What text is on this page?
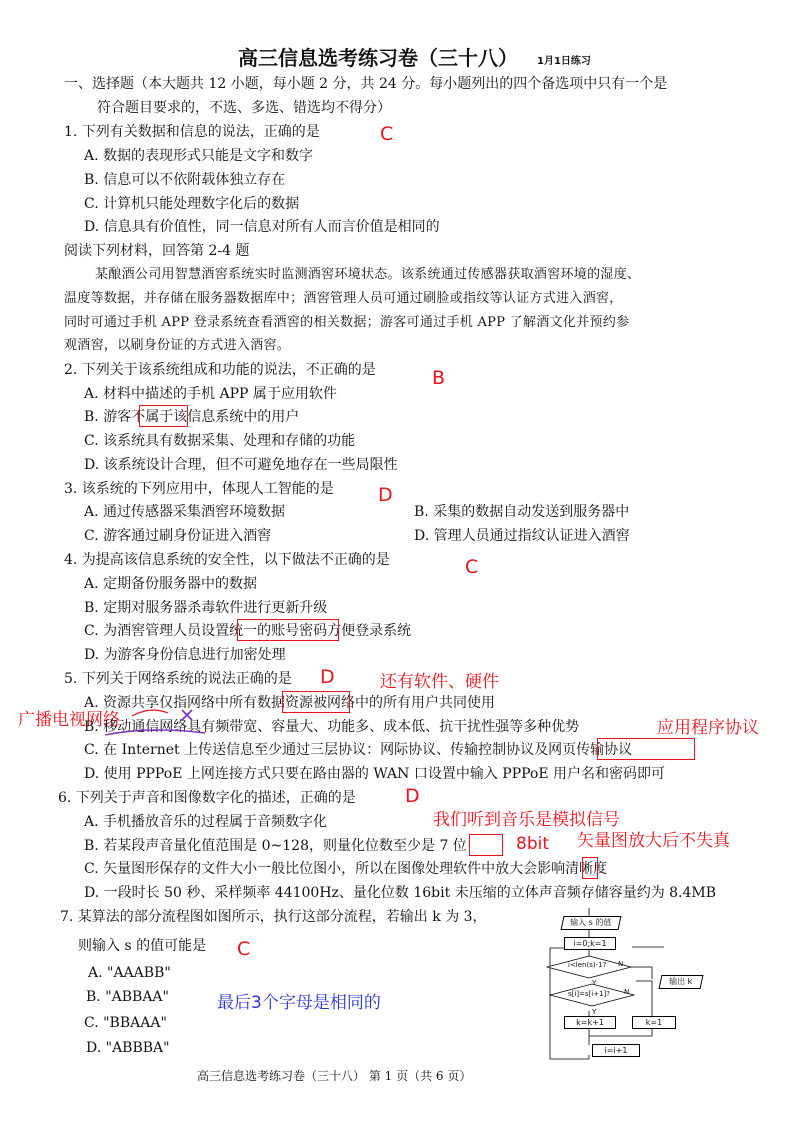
高三信息选考练习卷（三十八） 1月1日练习
一、选择题（本大题共 12 小题，每小题 2 分，共 24 分。每小题列出的四个备选项中只有一个是
符合题目要求的，不选、多选、错选均不得分）
1. 下列有关数据和信息的说法，正确的是	C
A. 数据的表现形式只能是文字和数字
B. 信息可以不依附载体独立存在
C. 计算机只能处理数字化后的数据
D. 信息具有价值性，同一信息对所有人而言价值是相同的
阅读下列材料，回答第 2-4 题
某酿酒公司用智慧酒窖系统实时监测酒窖环境状态。该系统通过传感器获取酒窖环境的湿度、
温度等数据，并存储在服务器数据库中；酒窖管理人员可通过刷脸或指纹等认证方式进入酒窖，
同时可通过手机 APP 登录系统查看酒窖的相关数据；游客可通过手机 APP 了解酒文化并预约参
观酒窖，以刷身份证的方式进入酒窖。
2. 下列关于该系统组成和功能的说法，不正确的是	B
A. 材料中描述的手机 APP 属于应用软件
B. 游客不属于该信息系统中的用户
C. 该系统具有数据采集、处理和存储的功能
D. 该系统设计合理，但不可避免地存在一些局限性
3. 该系统的下列应用中，体现人工智能的是 D
A. 通过传感器采集酒窖环境数据	B. 采集的数据自动发送到服务器中
C. 游客通过刷身份证进入酒窖	D. 管理人员通过指纹认证进入酒窖
4. 为提高该信息系统的安全性，以下做法不正确的是	C
A. 定期备份服务器中的数据
B. 定期对服务器杀毒软件进行更新升级
C. 为酒窖管理人员设置统一的账号密码方便登录系统
D. 为游客身份信息进行加密处理
5. 下列关于网络系统的说法正确的是 D	还有软件、硬件
A. 资源共享仅指网络中所有数据资源被网络中的所有用户共同使用
广播电视网络
B. 移动通信网络具有频带宽、容量大、功能多、成本低、抗干扰性强等多种优势	应用程序协议
C. 在 Internet 上传送信息至少通过三层协议：网际协议、传输控制协议及网页传输协议
D. 使用 PPPoE 上网连接方式只要在路由器的 WAN 口设置中输入 PPPoE 用户名和密码即可
6. 下列关于声音和图像数字化的描述，正确的是	D
A. 手机播放音乐的过程属于音频数字化	我们听到音乐是模拟信号
B. 若某段声音量化值范围是 0~128，则量化位数至少是 7 位	8bit 矢量图放大后不失真
C. 矢量图形保存的文件大小一般比位图小，所以在图像处理软件中放大会影响清晰度
D. 一段时长 50 秒、采样频率 44100Hz、量化位数 16bit 未压缩的立体声音频存储容量约为 8.4MB
7. 某算法的部分流程图如图所示，执行这部分流程，若输出 k 为 3，
则输入 s 的值可能是 C
A. "AAABB"
B. "ABBAA"	最后3个字母是相同的
C. "BBAAA"
D. "ABBBA"
输入 s 的值
i=0;k=1
i<len(s)-1?
s[i]=s[i+1]?
输出 k
k=k+1	k=1
i=i+1
N
Y
N
Y
高三信息选考练习卷（三十八） 第 1 页（共 6 页）
